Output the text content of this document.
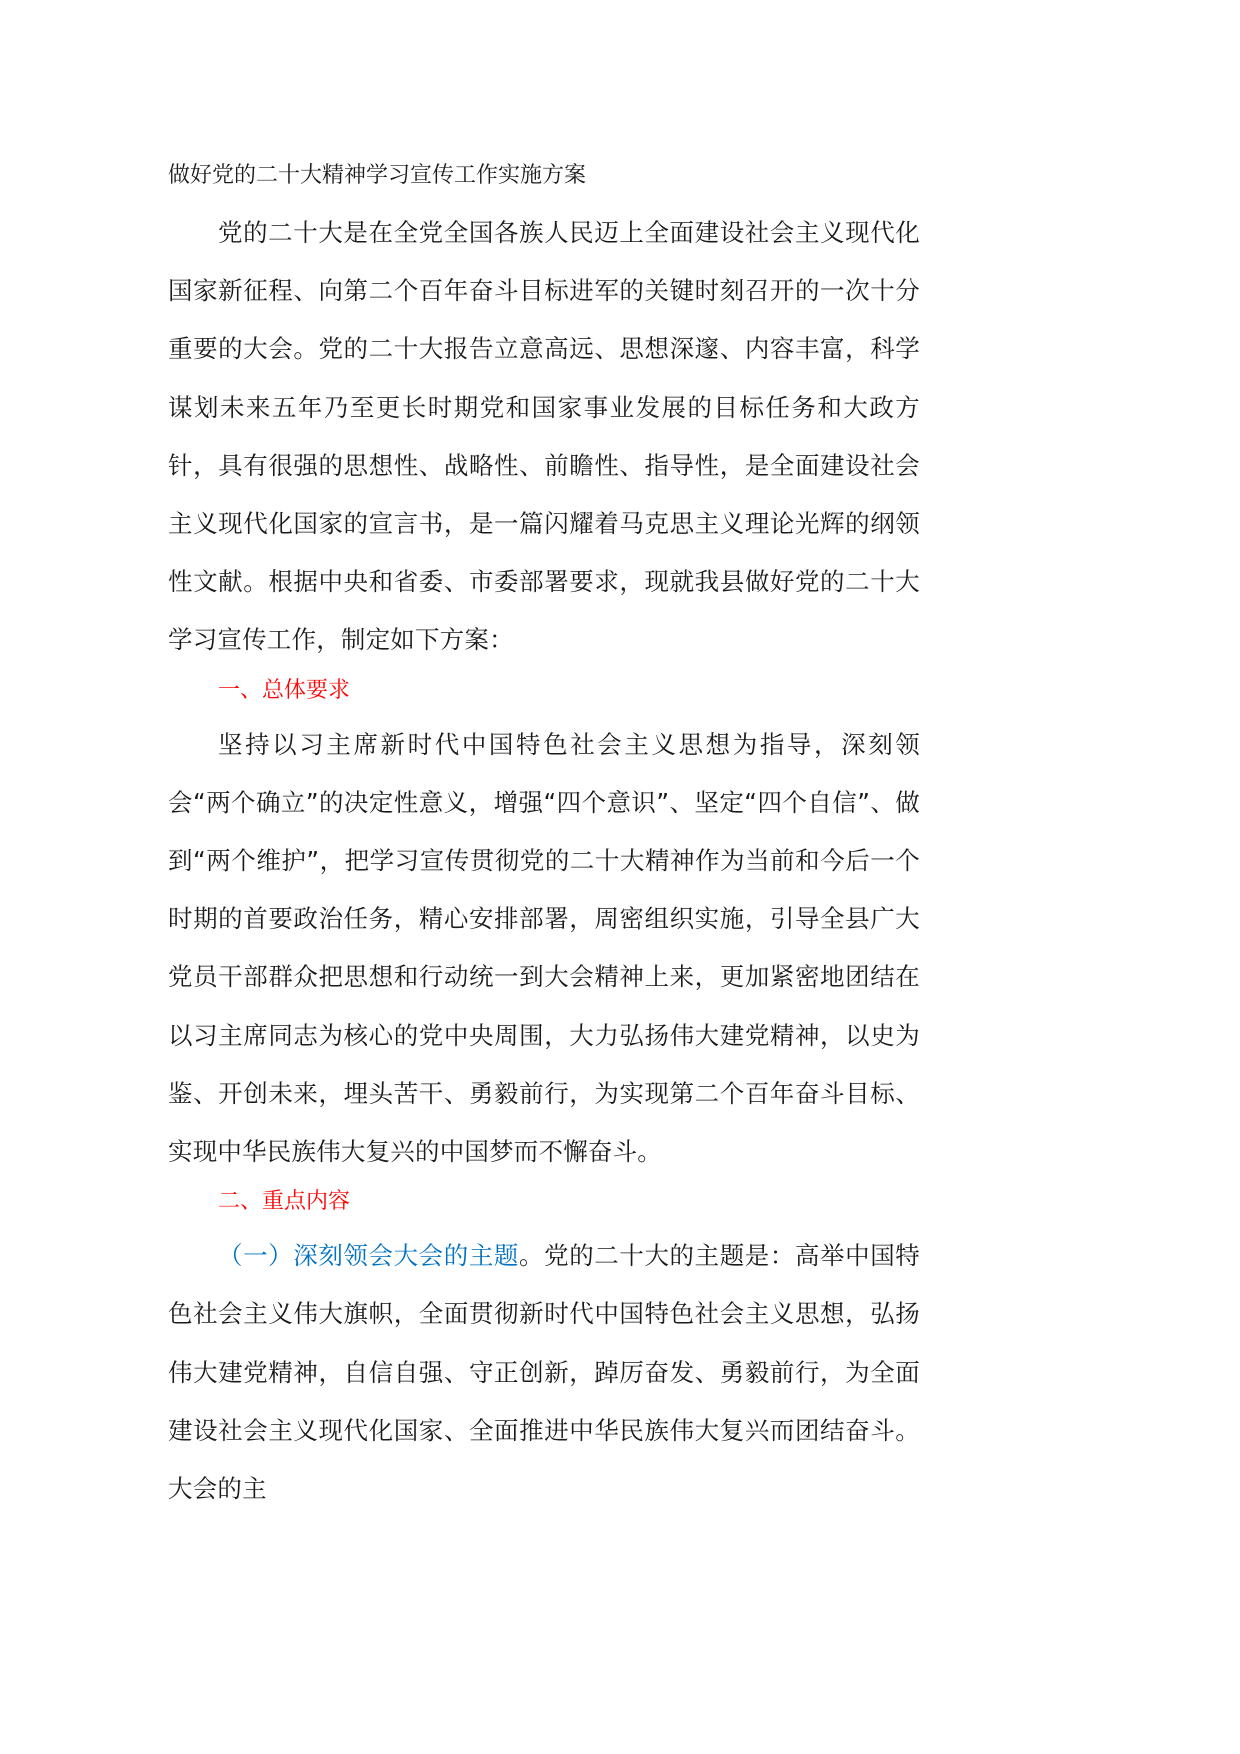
做好党的二十大精神学习宣传工作实施方案

党的二十大是在全党全国各族人民迈上全面建设社会主义现代化国家新征程、向第二个百年奋斗目标进军的关键时刻召开的一次十分重要的大会。党的二十大报告立意高远、思想深邃、内容丰富，科学谋划未来五年乃至更长时期党和国家事业发展的目标任务和大政方针，具有很强的思想性、战略性、前瞻性、指导性，是全面建设社会主义现代化国家的宣言书，是一篇闪耀着马克思主义理论光辉的纲领性文献。根据中央和省委、市委部署要求，现就我县做好党的二十大学习宣传工作，制定如下方案：

一、总体要求

坚持以习主席新时代中国特色社会主义思想为指导，深刻领会“两个确立”的决定性意义，增强“四个意识”、坚定“四个自信”、做到“两个维护”，把学习宣传贯彻党的二十大精神作为当前和今后一个时期的首要政治任务，精心安排部署，周密组织实施，引导全县广大党员干部群众把思想和行动统一到大会精神上来，更加紧密地团结在以习主席同志为核心的党中央周围，大力弘扬伟大建党精神，以史为鉴、开创未来，埋头苦干、勇毅前行，为实现第二个百年奋斗目标、实现中华民族伟大复兴的中国梦而不懈奋斗。

二、重点内容

（一）深刻领会大会的主题。党的二十大的主题是：高举中国特色社会主义伟大旗帜，全面贯彻新时代中国特色社会主义思想，弘扬伟大建党精神，自信自强、守正创新，踔厉奋发、勇毅前行，为全面建设社会主义现代化国家、全面推进中华民族伟大复兴而团结奋斗。大会的主
